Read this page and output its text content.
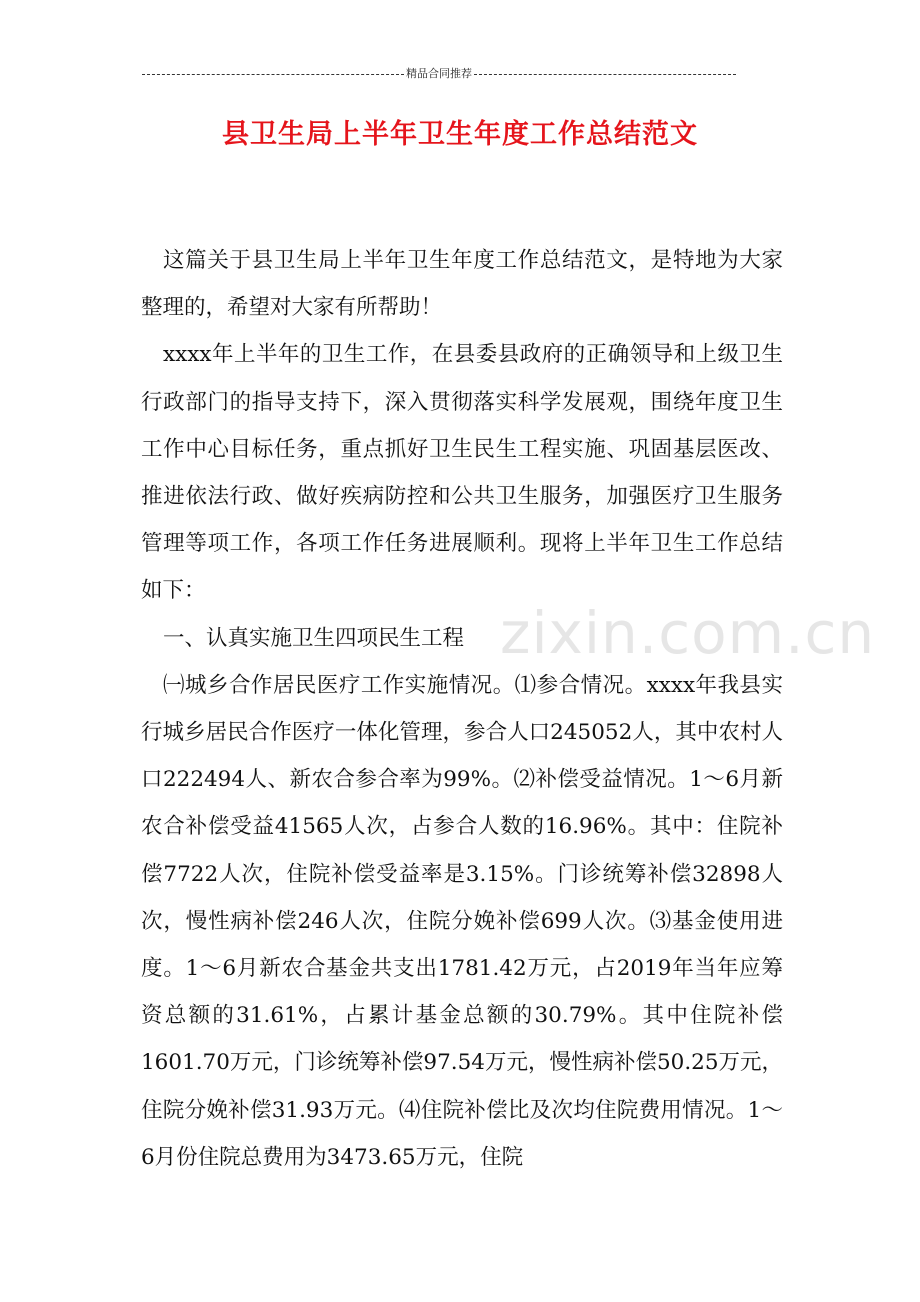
精品合同推荐
县卫生局上半年卫生年度工作总结范文
zixin.com.cn

这篇关于县卫生局上半年卫生年度工作总结范文，是特地为大家整理的，希望对大家有所帮助！

xxxx年上半年的卫生工作，在县委县政府的正确领导和上级卫生行政部门的指导支持下，深入贯彻落实科学发展观，围绕年度卫生工作中心目标任务，重点抓好卫生民生工程实施、巩固基层医改、推进依法行政、做好疾病防控和公共卫生服务，加强医疗卫生服务管理等项工作，各项工作任务进展顺利。现将上半年卫生工作总结如下：

一、认真实施卫生四项民生工程

㈠城乡合作居民医疗工作实施情况。⑴参合情况。xxxx年我县实行城乡居民合作医疗一体化管理，参合人口245052人，其中农村人口222494人、新农合参合率为99%。⑵补偿受益情况。1～6月新农合补偿受益41565人次，占参合人数的16.96%。其中：住院补偿7722人次，住院补偿受益率是3.15%。门诊统筹补偿32898人次，慢性病补偿246人次，住院分娩补偿699人次。⑶基金使用进度。1～6月新农合基金共支出1781.42万元，占2019年当年应筹资总额的31.61%，占累计基金总额的30.79%。其中住院补偿1601.70万元，门诊统筹补偿97.54万元，慢性病补偿50.25万元，住院分娩补偿31.93万元。⑷住院补偿比及次均住院费用情况。1～6月份住院总费用为3473.65万元，住院
